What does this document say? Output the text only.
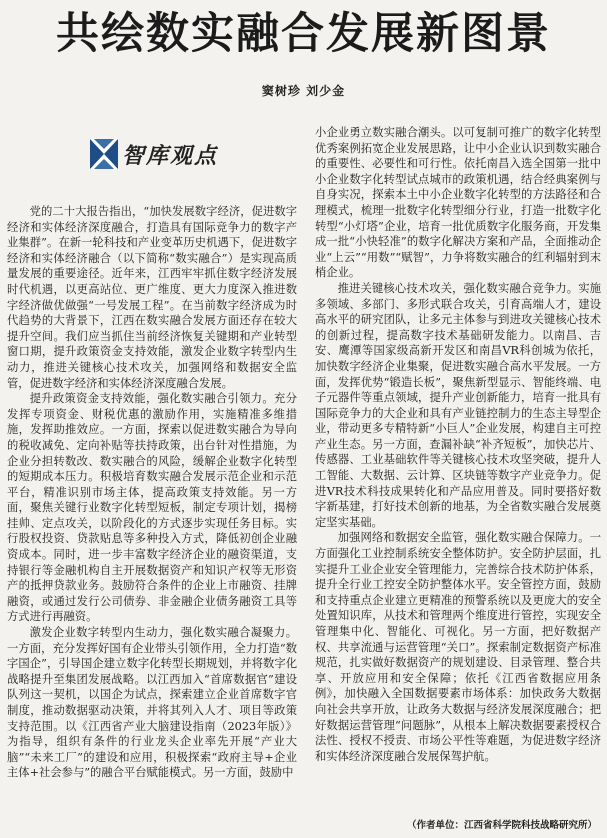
共绘数实融合发展新图景

窦树珍 刘少金

智库观点

党的二十大报告指出，“加快发展数字经济，促进数字经济和实体经济深度融合，打造具有国际竞争力的数字产业集群”。在新一轮科技和产业变革历史机遇下，促进数字经济和实体经济融合（以下简称“数实融合”）是实现高质量发展的重要途径。近年来，江西牢牢抓住数字经济发展时代机遇，以更高站位、更广维度、更大力度深入推进数字经济做优做强“一号发展工程”。在当前数字经济成为时代趋势的大背景下，江西在数实融合发展方面还存在较大提升空间。我们应当抓住当前经济恢复关键期和产业转型窗口期，提升政策资金支持效能，激发企业数字转型内生动力，推进关键核心技术攻关，加强网络和数据安全监管，促进数字经济和实体经济深度融合发展。

提升政策资金支持效能，强化数实融合引领力。充分发挥专项资金、财税优惠的激励作用，实施精准多维措施，发挥助推效应。一方面，探索以促进数实融合为导向的税收减免、定向补贴等扶持政策，出台针对性措施，为企业分担转数改、数实融合的风险，缓解企业数字化转型的短期成本压力。积极培育数实融合发展示范企业和示范平台，精准识别市场主体，提高政策支持效能。另一方面，聚焦关键行业数字化转型短板，制定专项计划，揭榜挂帅、定点攻关，以阶段化的方式逐步实现任务目标。实行股权投资、贷款贴息等多种投入方式，降低初创企业融资成本。同时，进一步丰富数字经济企业的融资渠道，支持银行等金融机构自主开展数据资产和知识产权等无形资产的抵押贷款业务。鼓励符合条件的企业上市融资、挂牌融资，或通过发行公司债券、非金融企业债务融资工具等方式进行再融资。

激发企业数字转型内生动力，强化数实融合凝聚力。一方面，充分发挥好国有企业带头引领作用，全力打造“数字国企”，引导国企建立数字化转型长期规划，并将数字化战略提升至集团发展战略。以江西加入“首席数据官”建设队列这一契机，以国企为试点，探索建立企业首席数字官制度，推动数据驱动决策，并将其列入人才、项目等政策支持范围。以《江西省产业大脑建设指南（2023年版）》为指导，组织有条件的行业龙头企业率先开展“产业大脑”“未来工厂”的建设和应用，积极探索“政府主导+企业主体+社会参与”的融合平台赋能模式。另一方面，鼓励中

小企业勇立数实融合潮头。以可复制可推广的数字化转型优秀案例拓宽企业发展思路，让中小企业认识到数实融合的重要性、必要性和可行性。依托南昌入选全国第一批中小企业数字化转型试点城市的政策机遇，结合经典案例与自身实况，探索本土中小企业数字化转型的方法路径和合理模式，梳理一批数字化转型细分行业，打造一批数字化转型“小灯塔”企业，培育一批优质数字化服务商，开发集成一批“小快轻准”的数字化解决方案和产品，全面推动企业“上云”“用数”“赋智”，力争将数实融合的红利辐射到末梢企业。

推进关键核心技术攻关，强化数实融合竞争力。实施多领域、多部门、多形式联合攻关，引育高端人才，建设高水平的研究团队，让多元主体参与到进攻关键核心技术的创新过程，提高数字技术基础研发能力。以南昌、吉安、鹰潭等国家级高新开发区和南昌VR科创城为依托，加快数字经济企业集聚，促进数实融合高水平发展。一方面，发挥优势“锻造长板”，聚焦新型显示、智能终端、电子元器件等重点领域，提升产业创新能力，培育一批具有国际竞争力的大企业和具有产业链控制力的生态主导型企业，带动更多专精特新“小巨人”企业发展，构建自主可控产业生态。另一方面，查漏补缺“补齐短板”，加快芯片、传感器、工业基础软件等关键核心技术攻坚突破，提升人工智能、大数据、云计算、区块链等数字产业竞争力。促进VR技术科技成果转化和产品应用普及。同时要搭好数字新基建，打好技术创新的地基，为全省数实融合发展奠定坚实基础。

加强网络和数据安全监管，强化数实融合保障力。一方面强化工业控制系统安全整体防护。安全防护层面，扎实提升工业企业安全管理能力，完善综合技术防护体系，提升全行业工控安全防护整体水平。安全管控方面，鼓励和支持重点企业建立更精准的预警系统以及更庞大的安全处置知识库，从技术和管理两个维度进行管控，实现安全管理集中化、智能化、可视化。另一方面，把好数据产权、共享流通与运营管理“关口”。探索制定数据资产标准规范，扎实做好数据资产的规划建设、目录管理、整合共享、开放应用和安全保障；依托《江西省数据应用条例》，加快融入全国数据要素市场体系：加快政务大数据向社会共享开放，让政务大数据与经济发展深度融合；把好数据运营管理“问题脉”，从根本上解决数据要素授权合法性、授权不授责、市场公平性等难题，为促进数字经济和实体经济深度融合发展保驾护航。

（作者单位：江西省科学院科技战略研究所）
